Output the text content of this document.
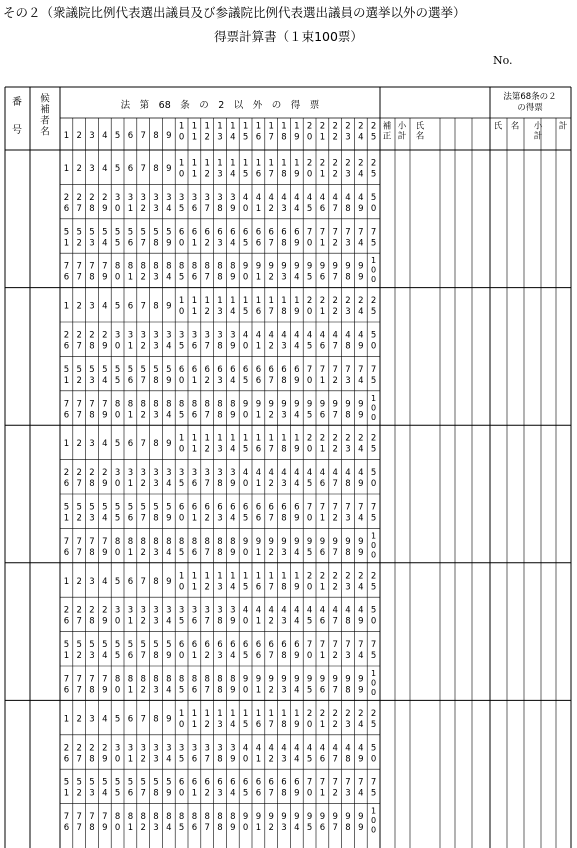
その２（衆議院比例代表選出議員及び参議院比例代表選出議員の選挙以外の選挙）
得票計算書（１束100票）
No.
番
号
候
補
者
名
法　第　68　条　の　2　以　外　の　得　票
法第68条の２
の得票
補
正
小
計
氏
名
氏 名 小
計
計
1 2 3 4 5 6 7 8 9
1
0
1
1
1
2
1
3
1
4
1
5
1
6
1
7
1
8
1
9
2
0
2
1
2
2
2
3
2
4
2
5
1 2 3 4 5 6 7 8 9
1
0
1
1
1
2
1
3
1
4
1
5
1
6
1
7
1
8
1
9
2
0
2
1
2
2
2
3
2
4
2
5
2
6
2
7
2
8
2
9
3
0
3
1
3
2
3
3
3
4
3
5
3
6
3
7
3
8
3
9
4
0
4
1
4
2
4
3
4
4
4
5
4
6
4
7
4
8
4
9
5
0
5
1
5
2
5
3
5
4
5
5
5
6
5
7
5
8
5
9
6
0
6
1
6
2
6
3
6
4
6
5
6
6
6
7
6
8
6
9
7
0
7
1
7
2
7
3
7
4
7
5
7
6
7
7
7
8
7
9
8
0
8
1
8
2
8
3
8
4
8
5
8
6
8
7
8
8
8
9
9
0
9
1
9
2
9
3
9
4
9
5
9
6
9
7
9
8
9
9
1
0
0
1 2 3 4 5 6 7 8 9
1
0
1
1
1
2
1
3
1
4
1
5
1
6
1
7
1
8
1
9
2
0
2
1
2
2
2
3
2
4
2
5
2
6
2
7
2
8
2
9
3
0
3
1
3
2
3
3
3
4
3
5
3
6
3
7
3
8
3
9
4
0
4
1
4
2
4
3
4
4
4
5
4
6
4
7
4
8
4
9
5
0
5
1
5
2
5
3
5
4
5
5
5
6
5
7
5
8
5
9
6
0
6
1
6
2
6
3
6
4
6
5
6
6
6
7
6
8
6
9
7
0
7
1
7
2
7
3
7
4
7
5
7
6
7
7
7
8
7
9
8
0
8
1
8
2
8
3
8
4
8
5
8
6
8
7
8
8
8
9
9
0
9
1
9
2
9
3
9
4
9
5
9
6
9
7
9
8
9
9
1
0
0
1 2 3 4 5 6 7 8 9
1
0
1
1
1
2
1
3
1
4
1
5
1
6
1
7
1
8
1
9
2
0
2
1
2
2
2
3
2
4
2
5
2
6
2
7
2
8
2
9
3
0
3
1
3
2
3
3
3
4
3
5
3
6
3
7
3
8
3
9
4
0
4
1
4
2
4
3
4
4
4
5
4
6
4
7
4
8
4
9
5
0
5
1
5
2
5
3
5
4
5
5
5
6
5
7
5
8
5
9
6
0
6
1
6
2
6
3
6
4
6
5
6
6
6
7
6
8
6
9
7
0
7
1
7
2
7
3
7
4
7
5
7
6
7
7
7
8
7
9
8
0
8
1
8
2
8
3
8
4
8
5
8
6
8
7
8
8
8
9
9
0
9
1
9
2
9
3
9
4
9
5
9
6
9
7
9
8
9
9
1
0
0
1 2 3 4 5 6 7 8 9
1
0
1
1
1
2
1
3
1
4
1
5
1
6
1
7
1
8
1
9
2
0
2
1
2
2
2
3
2
4
2
5
2
6
2
7
2
8
2
9
3
0
3
1
3
2
3
3
3
4
3
5
3
6
3
7
3
8
3
9
4
0
4
1
4
2
4
3
4
4
4
5
4
6
4
7
4
8
4
9
5
0
5
1
5
2
5
3
5
4
5
5
5
6
5
7
5
8
5
9
6
0
6
1
6
2
6
3
6
4
6
5
6
6
6
7
6
8
6
9
7
0
7
1
7
2
7
3
7
4
7
5
7
6
7
7
7
8
7
9
8
0
8
1
8
2
8
3
8
4
8
5
8
6
8
7
8
8
8
9
9
0
9
1
9
2
9
3
9
4
9
5
9
6
9
7
9
8
9
9
1
0
0
1 2 3 4 5 6 7 8 9
1
0
1
1
1
2
1
3
1
4
1
5
1
6
1
7
1
8
1
9
2
0
2
1
2
2
2
3
2
4
2
5
2
6
2
7
2
8
2
9
3
0
3
1
3
2
3
3
3
4
3
5
3
6
3
7
3
8
3
9
4
0
4
1
4
2
4
3
4
4
4
5
4
6
4
7
4
8
4
9
5
0
5
1
5
2
5
3
5
4
5
5
5
6
5
7
5
8
5
9
6
0
6
1
6
2
6
3
6
4
6
5
6
6
6
7
6
8
6
9
7
0
7
1
7
2
7
3
7
4
7
5
7
6
7
7
7
8
7
9
8
0
8
1
8
2
8
3
8
4
8
5
8
6
8
7
8
8
8
9
9
0
9
1
9
2
9
3
9
4
9
5
9
6
9
7
9
8
9
9
1
0
0
